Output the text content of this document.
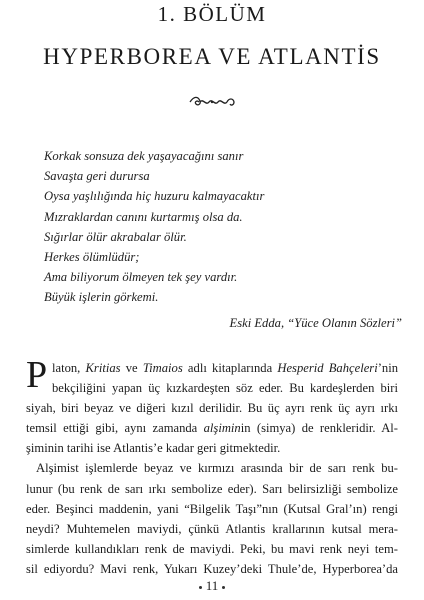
1. BÖLÜM
HYPERBOREA VE ATLANTİS
Korkak sonsuza dek yaşayacağını sanır
Savaşta geri durursa
Oysa yaşlılığında hiç huzuru kalmayacaktır
Mızraklardan canını kurtarmış olsa da.
Sığırlar ölür akrabalar ölür.
Herkes ölümlüdür;
Ama biliyorum ölmeyen tek şey vardır.
Büyük işlerin görkemi.
Eski Edda, “Yüce Olanın Sözleri”
P laton, Kritias ve Timaios adlı kitaplarında Hesperid Bahçeleri’nin
bekçiliğini yapan üç kızkardeşten söz eder. Bu kardeşlerden biri
siyah, biri beyaz ve diğeri kızıl derilidir. Bu üç ayrı renk üç ayrı ırkı
temsil ettiği gibi, aynı zamanda alşiminin (simya) de renkleridir. Al-
şiminin tarihi ise Atlantis’e kadar geri gitmektedir.
Alşimist işlemlerde beyaz ve kırmızı arasında bir de sarı renk bu-
lunur (bu renk de sarı ırkı sembolize eder). Sarı belirsizliği sembolize
eder. Beşinci maddenin, yani “Bilgelik Taşı”nın (Kutsal Gral’ın) rengi
neydi? Muhtemelen maviydi, çünkü Atlantis krallarının kutsal mera-
simlerde kullandıkları renk de maviydi. Peki, bu mavi renk neyi tem-
sil ediyordu? Mavi renk, Yukarı Kuzey’deki Thule’de, Hyperborea’da
11
